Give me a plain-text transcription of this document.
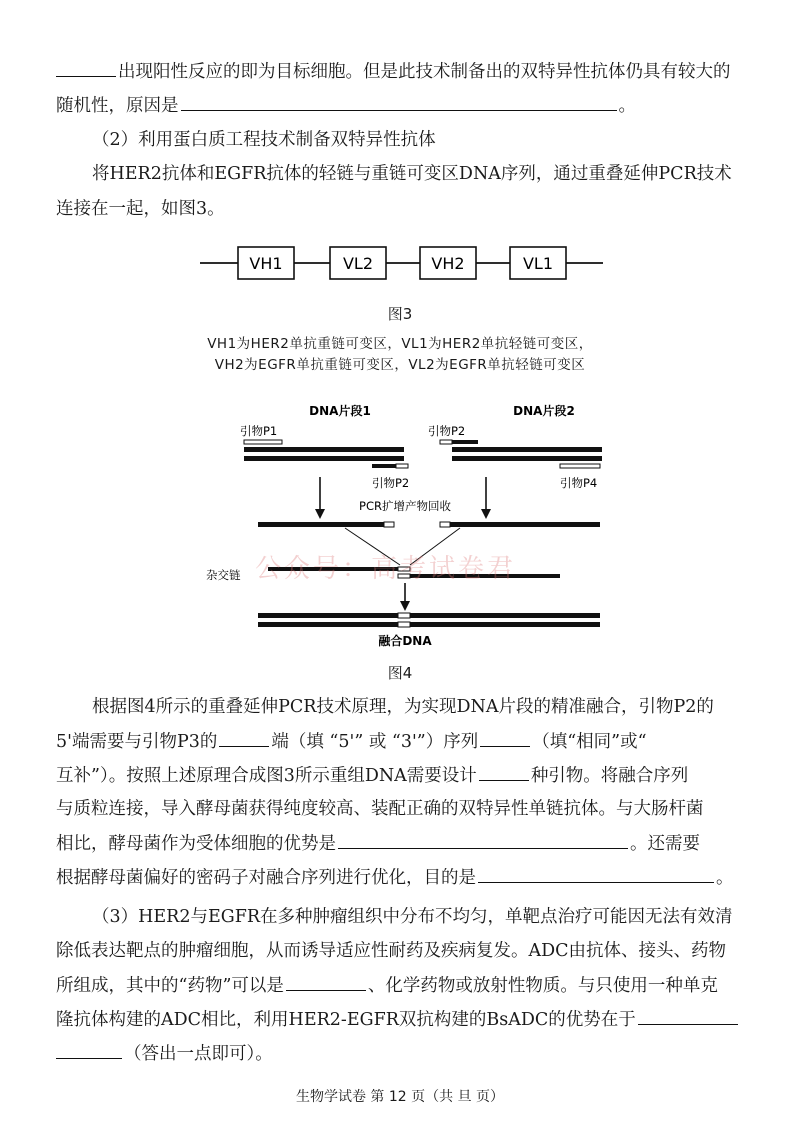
出现阳性反应的即为目标细胞。但是此技术制备出的双特异性抗体仍具有较大的
随机性，原因是	。
（2）利用蛋白质工程技术制备双特异性抗体
将HER2抗体和EGFR抗体的轻链与重链可变区DNA序列，通过重叠延伸PCR技术
连接在一起，如图3。
VH1	VL2	VH2	VL1
图3
VH1为HER2单抗重链可变区，VL1为HER2单抗轻链可变区，
VH2为EGFR单抗重链可变区，VL2为EGFR单抗轻链可变区
DNA片段1	DNA片段2
引物P1
引物P2
引物P2
引物P4
PCR扩增产物回收
杂交链
融合DNA
公众号：高考试卷君
图4
根据图4所示的重叠延伸PCR技术原理，为实现DNA片段的精准融合，引物P2的
5'端需要与引物P3的	端（填 “5'” 或 “3'”）序列	（填“相同”或“
互补”）。按照上述原理合成图3所示重组DNA需要设计	种引物。将融合序列
与质粒连接，导入酵母菌获得纯度较高、装配正确的双特异性单链抗体。与大肠杆菌
相比，酵母菌作为受体细胞的优势是	。还需要
根据酵母菌偏好的密码子对融合序列进行优化，目的是	。
（3）HER2与EGFR在多种肿瘤组织中分布不均匀，单靶点治疗可能因无法有效清
除低表达靶点的肿瘤细胞，从而诱导适应性耐药及疾病复发。ADC由抗体、接头、药物
所组成，其中的“药物”可以是	、化学药物或放射性物质。与只使用一种单克
隆抗体构建的ADC相比，利用HER2-EGFR双抗构建的BsADC的优势在于
（答出一点即可）。
生物学试卷 第 12 页（共 旦 页）
